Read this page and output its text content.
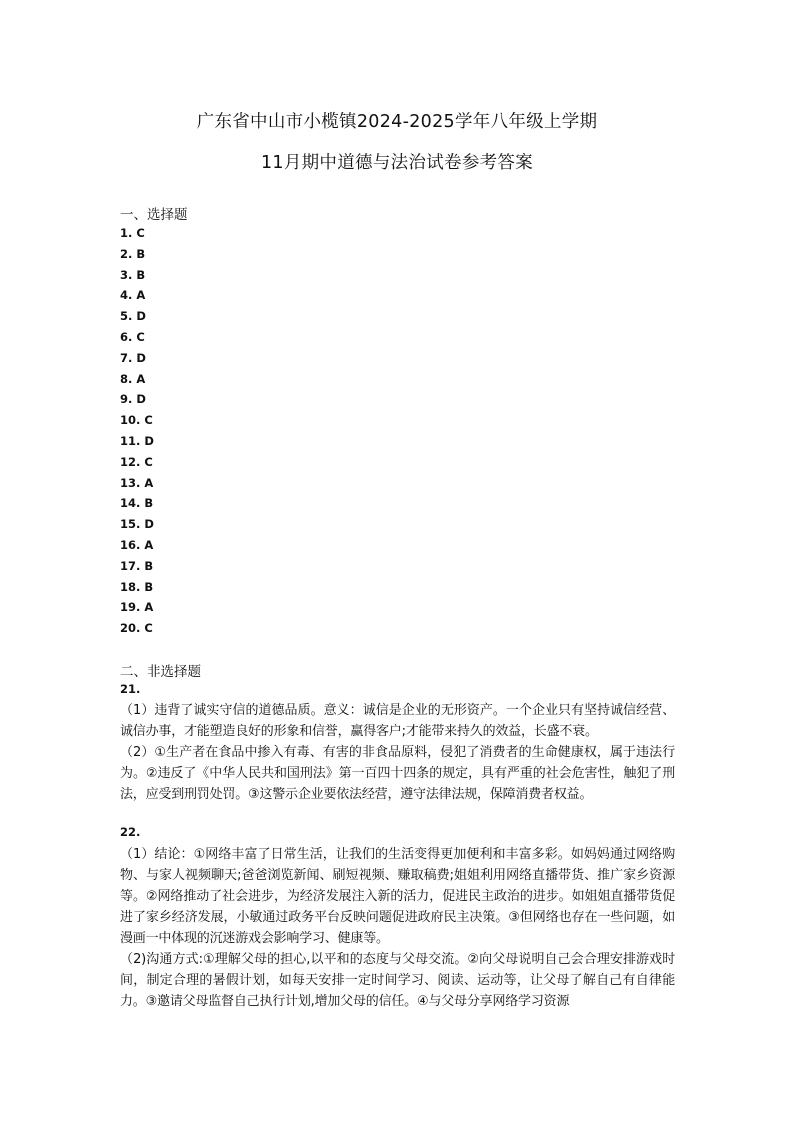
广东省中山市小榄镇2024-2025学年八年级上学期
11月期中道德与法治试卷参考答案
一、选择题
1. C
2. B
3. B
4. A
5. D
6. C
7. D
8. A
9. D
10. C
11. D
12. C
13. A
14. B
15. D
16. A
17. B
18. B
19. A
20. C
二、非选择题
21.
（1）违背了诚实守信的道德品质。意义：诚信是企业的无形资产。一个企业只有坚持诚信经营、诚信办事，才能塑造良好的形象和信誉，赢得客户;才能带来持久的效益，长盛不衰。
（2）①生产者在食品中掺入有毒、有害的非食品原料，侵犯了消费者的生命健康权，属于违法行为。②违反了《中华人民共和国刑法》第一百四十四条的规定，具有严重的社会危害性，触犯了刑法，应受到刑罚处罚。③这警示企业要依法经营，遵守法律法规，保障消费者权益。
22.
（1）结论：①网络丰富了日常生活，让我们的生活变得更加便利和丰富多彩。如妈妈通过网络购物、与家人视频聊天;爸爸浏览新闻、刷短视频、赚取稿费;姐姐利用网络直播带货、推广家乡资源等。②网络推动了社会进步，为经济发展注入新的活力，促进民主政治的进步。如姐姐直播带货促进了家乡经济发展，小敏通过政务平台反映问题促进政府民主决策。③但网络也存在一些问题，如漫画一中体现的沉迷游戏会影响学习、健康等。
（2)沟通方式:①理解父母的担心,以平和的态度与父母交流。②向父母说明自己会合理安排游戏时间，制定合理的暑假计划，如每天安排一定时间学习、阅读、运动等，让父母了解自己有自律能力。③邀请父母监督自己执行计划,增加父母的信任。④与父母分享网络学习资源
